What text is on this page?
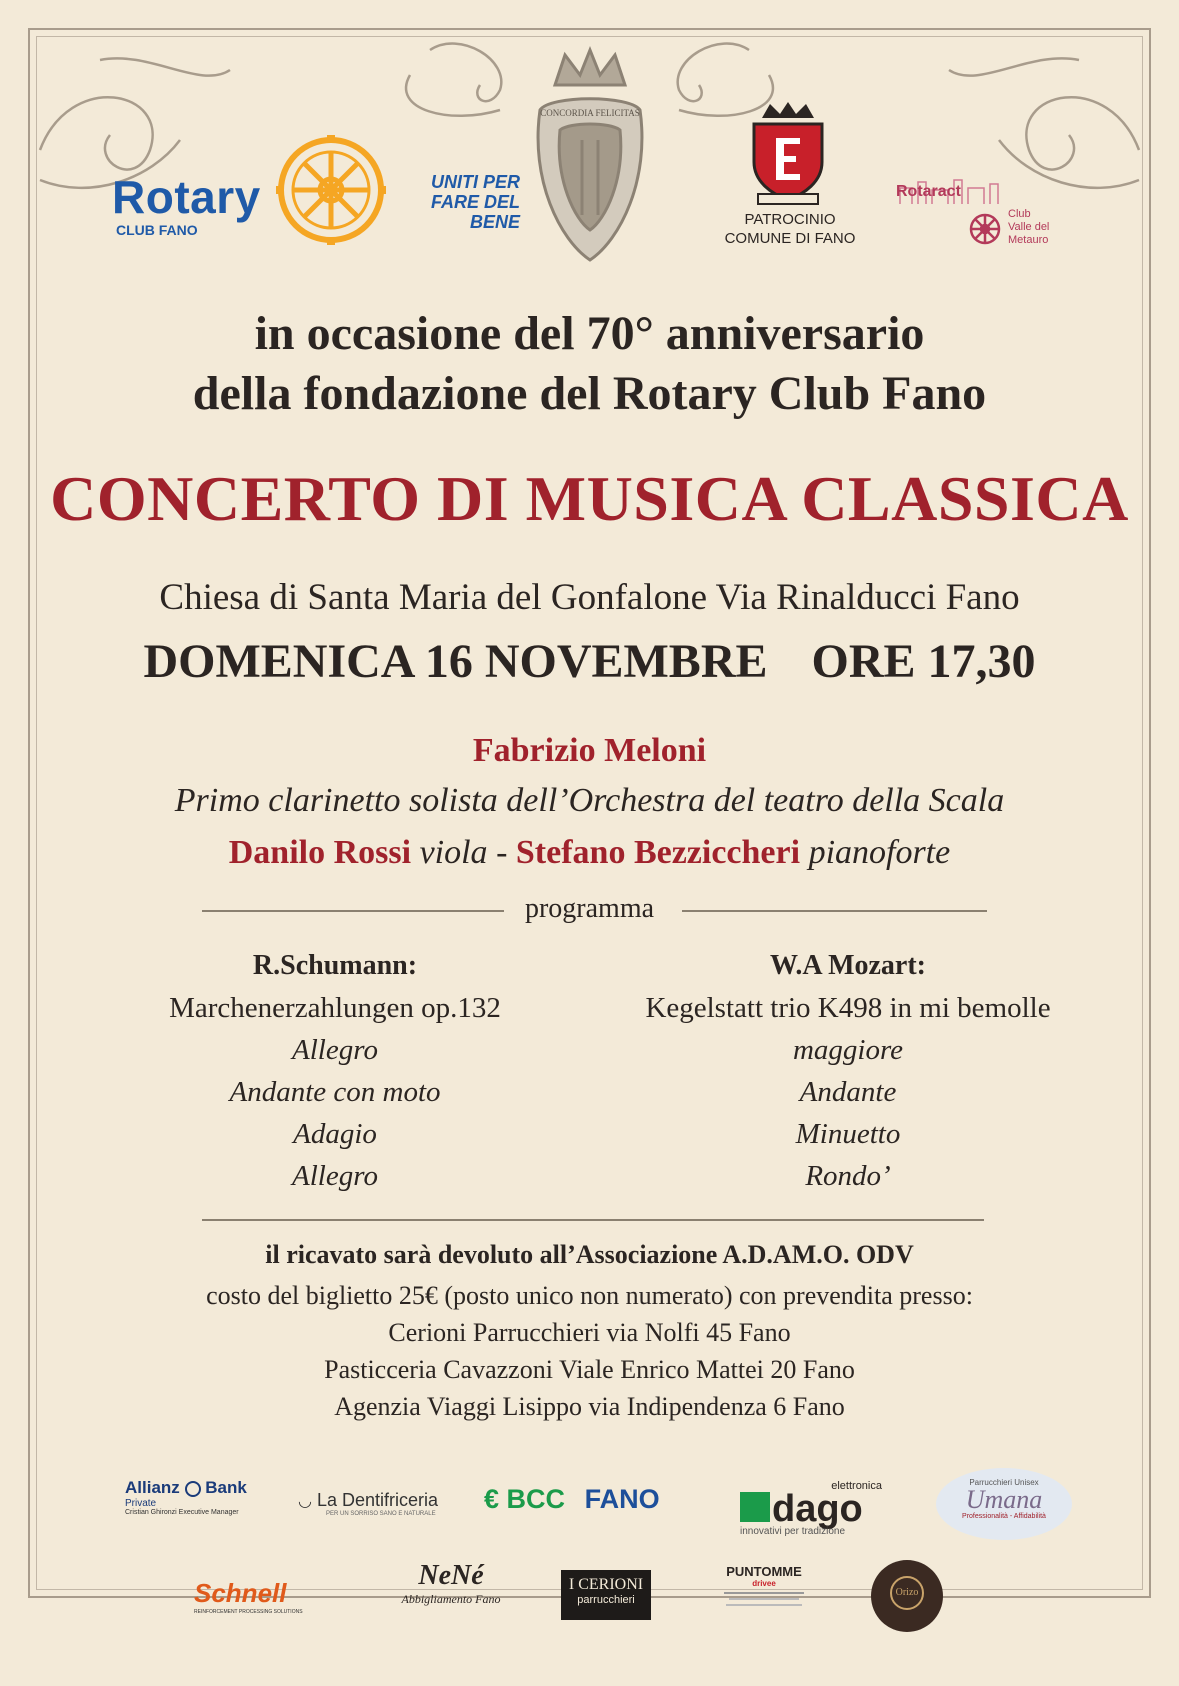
Rotary
CLUB FANO
UNITI PER
FARE DEL
BENE
CONCORDIA FELICITAS
PATROCINIO
COMUNE DI FANO
Rotaract
Club
Valle del
Metauro
in occasione del 70° anniversario
della fondazione del Rotary Club Fano
CONCERTO DI MUSICA CLASSICA
Chiesa di Santa Maria del Gonfalone Via Rinalducci Fano
DOMENICA 16 NOVEMBRE ORE 17,30
Fabrizio Meloni
Primo clarinetto solista dell’Orchestra del teatro della Scala
Danilo Rossi viola - Stefano Bezziccheri pianoforte
programma
R.Schumann:
Marchenerzahlungen op.132
Allegro
Andante con moto
Adagio
Allegro
W.A Mozart:
Kegelstatt trio K498 in mi bemolle
maggiore
Andante
Minuetto
Rondo’
il ricavato sarà devoluto all’Associazione A.D.AM.O. ODV
costo del biglietto 25€ (posto unico non numerato) con prevendita presso:
Cerioni Parrucchieri via Nolfi 45 Fano
Pasticceria Cavazzoni Viale Enrico Mattei 20 Fano
Agenzia Viaggi Lisippo via Indipendenza 6 Fano
Allianz Bank
Private
Cristian Ghironzi Executive Manager
◡ La Dentifriceria
PER UN SORRISO SANO E NATURALE	€ BCC FANO	elettronica
dago
innovativi per tradizione
Parrucchieri Unisex
Umana
Professionalità - Affidabilità
Schnell
REINFORCEMENT PROCESSING SOLUTIONS
NeNé
Abbigliamento Fano
I CERIONI
parrucchieri
PUNTOMME
drivee
Orizo
